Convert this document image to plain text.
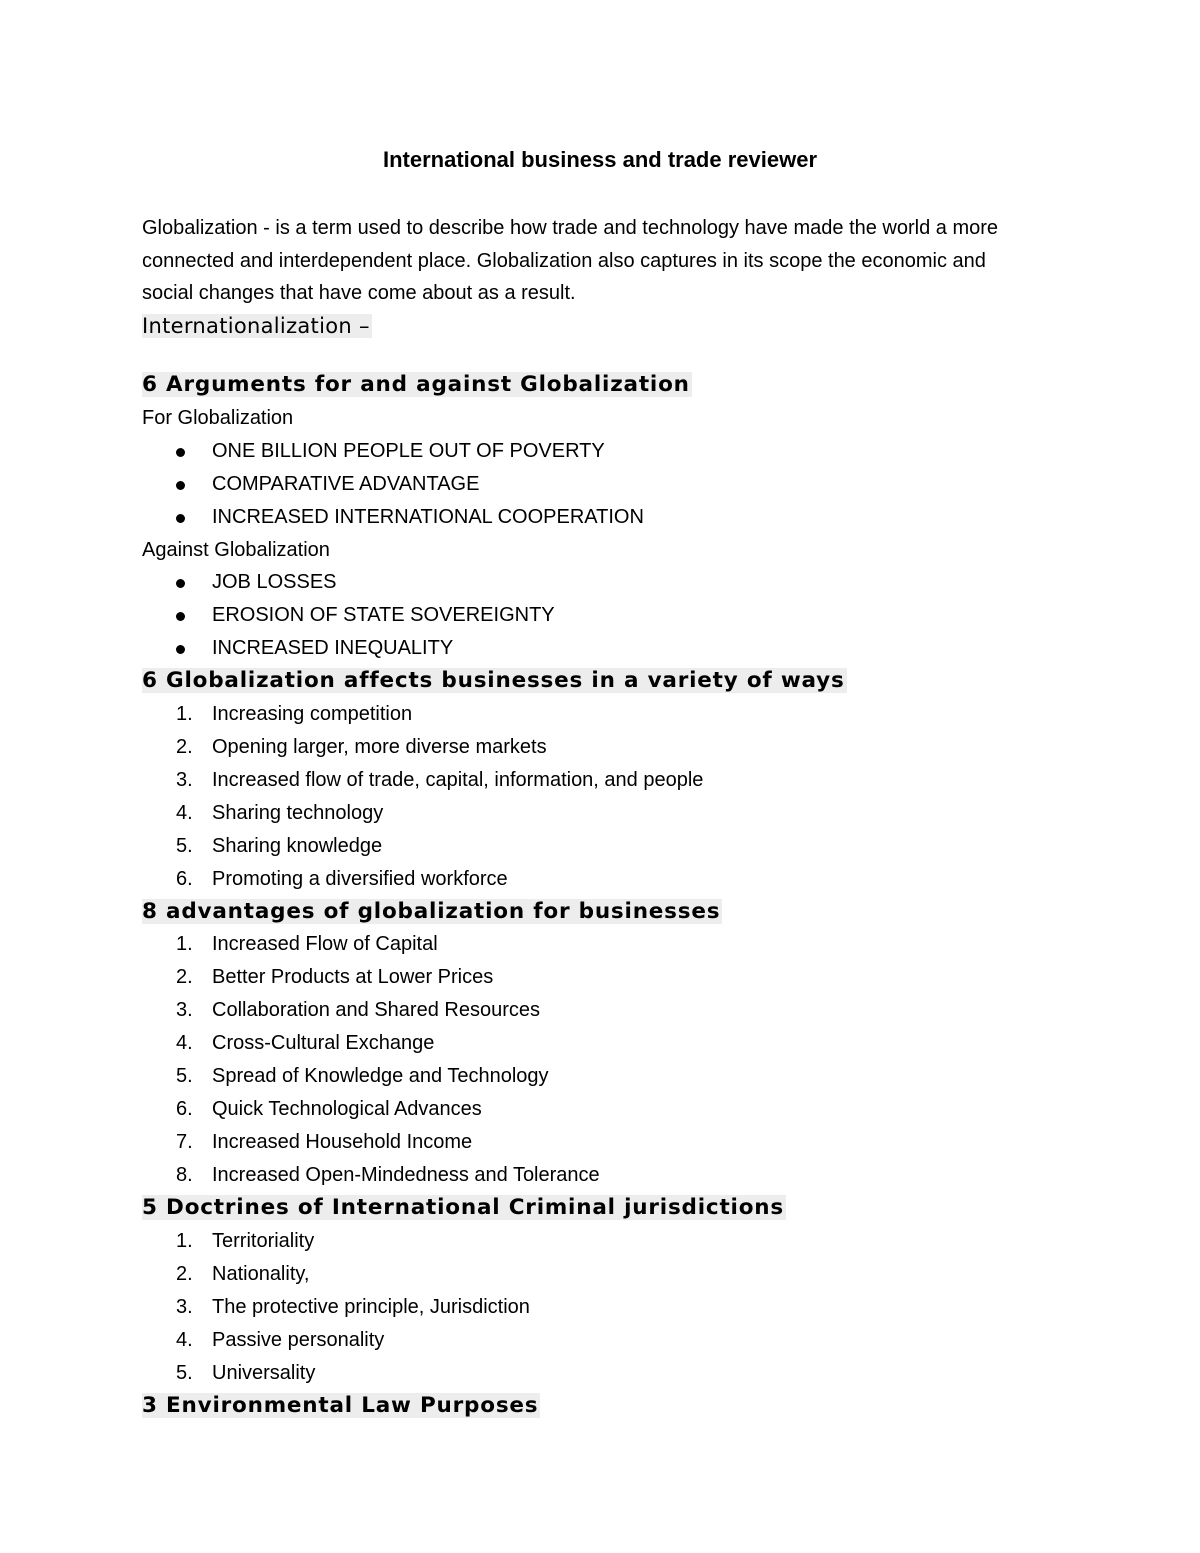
International business and trade reviewer

Globalization - is a term used to describe how trade and technology have made the world a more connected and interdependent place. Globalization also captures in its scope the economic and social changes that have come about as a result.

Internationalization –

6 Arguments for and against Globalization

For Globalization

ONE BILLION PEOPLE OUT OF POVERTY
COMPARATIVE ADVANTAGE
INCREASED INTERNATIONAL COOPERATION

Against Globalization

JOB LOSSES
EROSION OF STATE SOVEREIGNTY
INCREASED INEQUALITY

6 Globalization affects businesses in a variety of ways

1. Increasing competition
2. Opening larger, more diverse markets
3. Increased flow of trade, capital, information, and people
4. Sharing technology
5. Sharing knowledge
6. Promoting a diversified workforce

8 advantages of globalization for businesses

1. Increased Flow of Capital
2. Better Products at Lower Prices
3. Collaboration and Shared Resources
4. Cross-Cultural Exchange
5. Spread of Knowledge and Technology
6. Quick Technological Advances
7. Increased Household Income
8. Increased Open-Mindedness and Tolerance

5 Doctrines of International Criminal jurisdictions

1. Territoriality
2. Nationality,
3. The protective principle, Jurisdiction
4. Passive personality
5. Universality

3 Environmental Law Purposes
